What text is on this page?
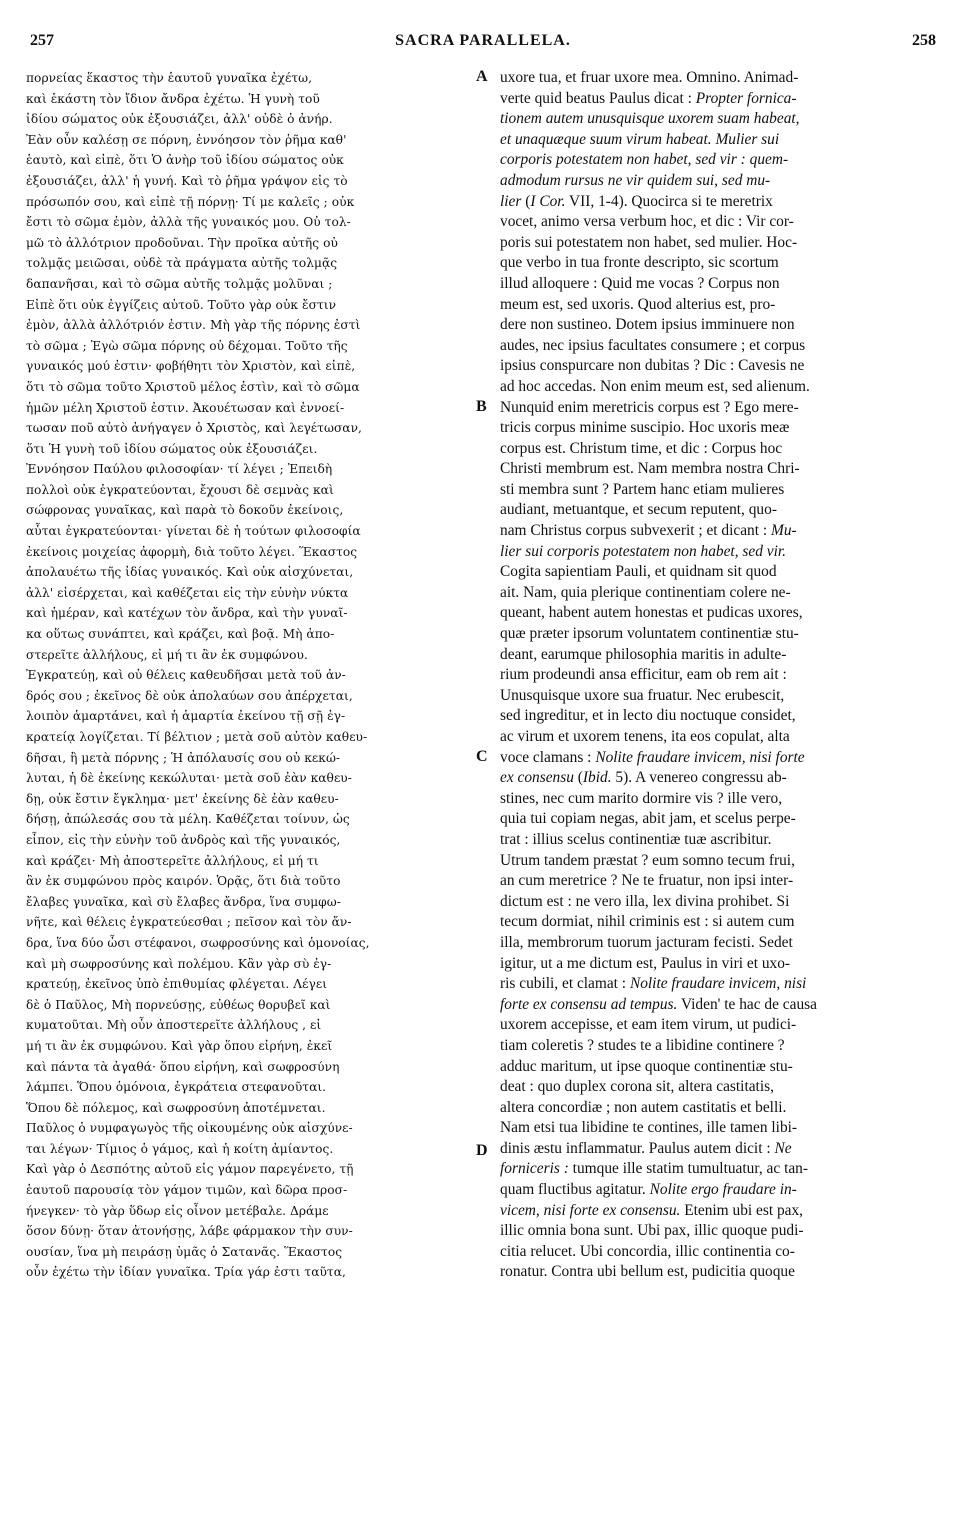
257	SACRA PARALLELA.	258
πορνείας ἕκαστος τὴν ἑαυτοῦ γυναῖκα ἐχέτω,
καὶ ἑκάστη τὸν ἴδιον ἄνδρα ἐχέτω. Ἡ γυνὴ τοῦ
ἰδίου σώματος οὐκ ἐξουσιάζει, ἀλλ' οὐδὲ ὁ ἀνήρ.
Ἐὰν οὖν καλέσῃ σε πόρνη, ἐννόησον τὸν ῥῆμα καθ'
ἑαυτὸ, καὶ εἰπὲ, ὅτι Ὁ ἀνὴρ τοῦ ἰδίου σώματος οὐκ
ἐξουσιάζει, ἀλλ' ἡ γυνή. Καὶ τὸ ῥῆμα γράψον εἰς τὸ
πρόσωπόν σου, καὶ εἰπὲ τῇ πόρνῃ· Τί με καλεῖς ; οὐκ
ἔστι τὸ σῶμα ἐμὸν, ἀλλὰ τῆς γυναικός μου. Οὐ τολ-
μῶ τὸ ἀλλότριον προδοῦναι. Τὴν προῖκα αὐτῆς οὐ
τολμᾷς μειῶσαι, οὐδὲ τὰ πράγματα αὐτῆς τολμᾷς
δαπανῆσαι, καὶ τὸ σῶμα αὐτῆς τολμᾷς μολῦναι ;
Εἰπὲ ὅτι οὐκ ἐγγίζεις αὐτοῦ. Τοῦτο γὰρ οὐκ ἔστιν
ἐμὸν, ἀλλὰ ἀλλότριόν ἐστιν. Μὴ γὰρ τῆς πόρνης ἐστὶ
τὸ σῶμα ; Ἐγὼ σῶμα πόρνης οὐ δέχομαι. Τοῦτο τῆς
γυναικός μού ἐστιν· φοβήθητι τὸν Χριστὸν, καὶ εἰπὲ,
ὅτι τὸ σῶμα τοῦτο Χριστοῦ μέλος ἐστὶν, καὶ τὸ σῶμα
ἡμῶν μέλη Χριστοῦ ἐστιν. Ἀκουέτωσαν καὶ ἐννοεί-
τωσαν ποῦ αὐτὸ ἀνήγαγεν ὁ Χριστὸς, καὶ λεγέτωσαν,
ὅτι Ἡ γυνὴ τοῦ ἰδίου σώματος οὐκ ἐξουσιάζει.
Ἐννόησον Παύλου φιλοσοφίαν· τί λέγει ; Ἐπειδὴ
πολλοὶ οὐκ ἐγκρατεύονται, ἔχουσι δὲ σεμνὰς καὶ
σώφρονας γυναῖκας, καὶ παρὰ τὸ δοκοῦν ἐκείνοις,
αὗται ἐγκρατεύονται· γίνεται δὲ ἡ τούτων φιλοσοφία
ἐκείνοις μοιχείας ἀφορμὴ, διὰ τοῦτο λέγει. Ἕκαστος
ἀπολαυέτω τῆς ἰδίας γυναικός. Καὶ οὐκ αἰσχύνεται,
ἀλλ' εἰσέρχεται, καὶ καθέζεται εἰς τὴν εὐνὴν νύκτα
καὶ ἡμέραν, καὶ κατέχων τὸν ἄνδρα, καὶ τὴν γυναῖ-
κα οὕτως συνάπτει, καὶ κράζει, καὶ βοᾷ. Μὴ ἀπο-
στερεῖτε ἀλλήλους, εἰ μή τι ἂν ἐκ συμφώνου.
Ἐγκρατεύῃ, καὶ οὐ θέλεις καθευδῆσαι μετὰ τοῦ ἀν-
δρός σου ; ἐκεῖνος δὲ οὐκ ἀπολαύων σου ἀπέρχεται,
λοιπὸν ἁμαρτάνει, καὶ ἡ ἁμαρτία ἐκείνου τῇ σῇ ἐγ-
κρατείᾳ λογίζεται. Τί βέλτιον ; μετὰ σοῦ αὐτὸν καθευ-
δῆσαι, ἢ μετὰ πόρνης ; Ἡ ἀπόλαυσίς σου οὐ κεκώ-
λυται, ἡ δὲ ἐκείνης κεκώλυται· μετὰ σοῦ ἐὰν καθευ-
δῃ, οὐκ ἔστιν ἔγκλημα· μετ' ἐκείνης δὲ ἐὰν καθευ-
δήσῃ, ἀπώλεσάς σου τὰ μέλη. Καθέζεται τοίνυν, ὡς
εἶπον, εἰς τὴν εὐνὴν τοῦ ἀνδρὸς καὶ τῆς γυναικός,
καὶ κράζει· Μὴ ἀποστερεῖτε ἀλλήλους, εἰ μή τι
ἂν ἐκ συμφώνου πρὸς καιρόν. Ὁρᾷς, ὅτι διὰ τοῦτο
ἔλαβες γυναῖκα, καὶ σὺ ἔλαβες ἄνδρα, ἵνα συμφω-
νῆτε, καὶ θέλεις ἐγκρατεύεσθαι ; πεῖσον καὶ τὸν ἄν-
δρα, ἵνα δύο ὦσι στέφανοι, σωφροσύνης καὶ ὁμονοίας,
καὶ μὴ σωφροσύνης καὶ πολέμου. Κἂν γὰρ σὺ ἐγ-
κρατεύῃ, ἐκεῖνος ὑπὸ ἐπιθυμίας φλέγεται. Λέγει
δὲ ὁ Παῦλος, Μὴ πορνεύσῃς, εὐθέως θορυβεῖ καὶ
κυματοῦται. Μὴ οὖν ἀποστερεῖτε ἀλλήλους , εἰ
μή τι ἂν ἐκ συμφώνου. Καὶ γὰρ ὅπου εἰρήνη, ἐκεῖ
καὶ πάντα τὰ ἀγαθά· ὅπου εἰρήνη, καὶ σωφροσύνη
λάμπει. Ὅπου ὁμόνοια, ἐγκράτεια στεφανοῦται.
Ὅπου δὲ πόλεμος, καὶ σωφροσύνη ἀποτέμνεται.
Παῦλος ὁ νυμφαγωγὸς τῆς οἰκουμένης οὐκ αἰσχύνε-
ται λέγων· Τίμιος ὁ γάμος, καὶ ἡ κοίτη ἀμίαντος.
Καὶ γὰρ ὁ Δεσπότης αὐτοῦ εἰς γάμον παρεγένετο, τῇ
ἑαυτοῦ παρουσίᾳ τὸν γάμον τιμῶν, καὶ δῶρα προσ-
ήνεγκεν· τὸ γὰρ ὕδωρ εἰς οἶνον μετέβαλε. Δράμε
ὅσον δύνῃ· ὅταν ἀτονήσῃς, λάβε φάρμακον τὴν συν-
ουσίαν, ἵνα μὴ πειράσῃ ὑμᾶς ὁ Σατανᾶς. Ἕκαστος
οὖν ἐχέτω τὴν ἰδίαν γυναῖκα. Τρία γάρ ἐστι ταῦτα,
uxore tua, et fruar uxore mea. Omnino. Animad-
verte quid beatus Paulus dicat : Propter fornica-
tionem autem unusquisque uxorem suam habeat,
et unaquæque suum virum habeat. Mulier sui
corporis potestatem non habet, sed vir : quem-
admodum rursus ne vir quidem sui, sed mu-
lier (I Cor. VII, 1-4). Quocirca si te meretrix
vocet, animo versa verbum hoc, et dic : Vir cor-
poris sui potestatem non habet, sed mulier. Hoc-
que verbo in tua fronte descripto, sic scortum
illud alloquere : Quid me vocas ? Corpus non
meum est, sed uxoris. Quod alterius est, pro-
dere non sustineo. Dotem ipsius imminuere non
audes, nec ipsius facultates consumere ; et corpus
ipsius conspurcare non dubitas ? Dic : Cavesis ne
ad hoc accedas. Non enim meum est, sed alienum.
Nunquid enim meretricis corpus est ? Ego mere-
tricis corpus minime suscipio. Hoc uxoris meæ
corpus est. Christum time, et dic : Corpus hoc
Christi membrum est. Nam membra nostra Chri-
sti membra sunt ? Partem hanc etiam mulieres
audiant, metuantque, et secum reputent, quo-
nam Christus corpus subvexerit ; et dicant : Mu-
lier sui corporis potestatem non habet, sed vir.
Cogita sapientiam Pauli, et quidnam sit quod
ait. Nam, quia plerique continentiam colere ne-
queant, habent autem honestas et pudicas uxores,
quæ præter ipsorum voluntatem continentiæ stu-
deant, earumque philosophia maritis in adulte-
rium prodeundi ansa efficitur, eam ob rem ait :
Unusquisque uxore sua fruatur. Nec erubescit,
sed ingreditur, et in lecto diu noctuque considet,
ac virum et uxorem tenens, ita eos copulat, alta
voce clamans : Nolite fraudare invicem, nisi forte
ex consensu (Ibid. 5). A venereo congressu ab-
stines, nec cum marito dormire vis ? ille vero,
quia tui copiam negas, abit jam, et scelus perpe-
trat : illius scelus continentiæ tuæ ascribitur.
Utrum tandem præstat ? eum somno tecum frui,
an cum meretrice ? Ne te fruatur, non ipsi inter-
dictum est : ne vero illa, lex divina prohibet. Si
tecum dormiat, nihil criminis est : si autem cum
illa, membrorum tuorum jacturam fecisti. Sedet
igitur, ut a me dictum est, Paulus in viri et uxo-
ris cubili, et clamat : Nolite fraudare invicem, nisi
forte ex consensu ad tempus. Viden' te hac de causa
uxorem accepisse, et eam item virum, ut pudici-
tiam coleretis ? studes te a libidine continere ?
adduc maritum, ut ipse quoque continentiæ stu-
deat : quo duplex corona sit, altera castitatis,
altera concordiæ ; non autem castitatis et belli.
Nam etsi tua libidine te contines, ille tamen libi-
dinis æstu inflammatur. Paulus autem dicit : Ne
forniceris : tumque ille statim tumultuatur, ac tan-
quam fluctibus agitatur. Nolite ergo fraudare in-
vicem, nisi forte ex consensu. Etenim ubi est pax,
illic omnia bona sunt. Ubi pax, illic quoque pudi-
citia relucet. Ubi concordia, illic continentia co-
ronatur. Contra ubi bellum est, pudicitia quoque
A
B
C
D
